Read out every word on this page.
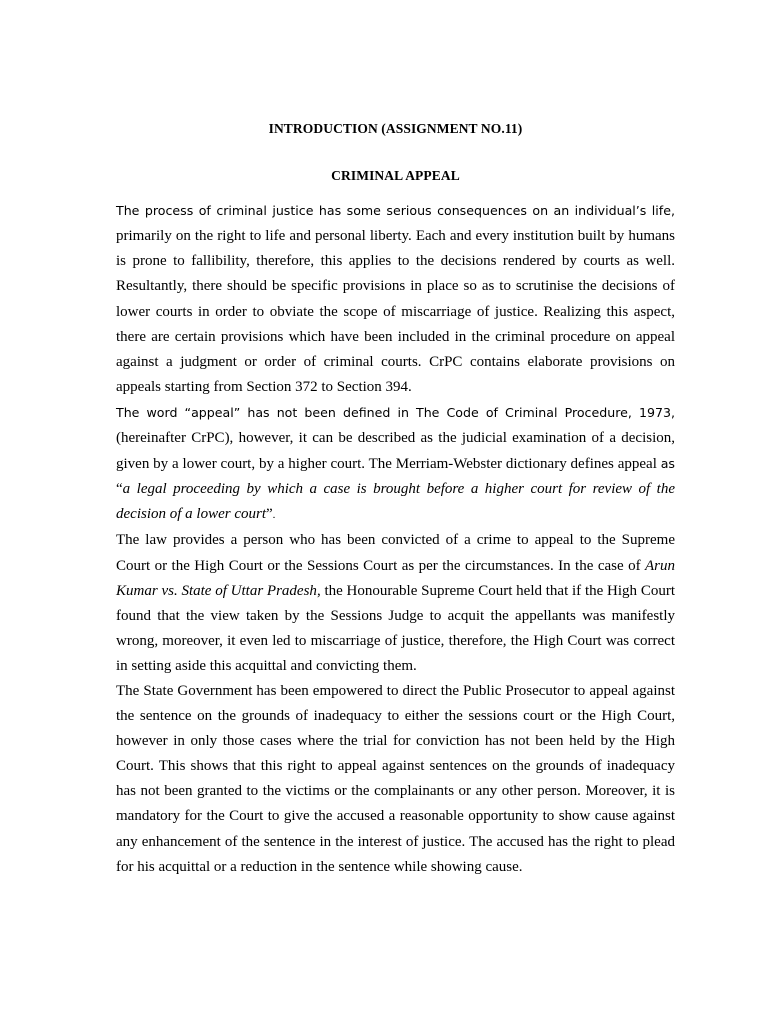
INTRODUCTION (ASSIGNMENT NO.11)
CRIMINAL APPEAL

The process of criminal justice has some serious consequences on an individual’s life, primarily on the right to life and personal liberty. Each and every institution built by humans is prone to fallibility, therefore, this applies to the decisions rendered by courts as well. Resultantly, there should be specific provisions in place so as to scrutinise the decisions of lower courts in order to obviate the scope of miscarriage of justice. Realizing this aspect, there are certain provisions which have been included in the criminal procedure on appeal against a judgment or order of criminal courts. CrPC contains elaborate provisions on appeals starting from Section 372 to Section 394.

The word “appeal” has not been defined in The Code of Criminal Procedure, 1973, (hereinafter CrPC), however, it can be described as the judicial examination of a decision, given by a lower court, by a higher court. The Merriam-Webster dictionary defines appeal as “a legal proceeding by which a case is brought before a higher court for review of the decision of a lower court”.

The law provides a person who has been convicted of a crime to appeal to the Supreme Court or the High Court or the Sessions Court as per the circumstances. In the case of Arun Kumar vs. State of Uttar Pradesh, the Honourable Supreme Court held that if the High Court found that the view taken by the Sessions Judge to acquit the appellants was manifestly wrong, moreover, it even led to miscarriage of justice, therefore, the High Court was correct in setting aside this acquittal and convicting them.

The State Government has been empowered to direct the Public Prosecutor to appeal against the sentence on the grounds of inadequacy to either the sessions court or the High Court, however in only those cases where the trial for conviction has not been held by the High Court. This shows that this right to appeal against sentences on the grounds of inadequacy has not been granted to the victims or the complainants or any other person. Moreover, it is mandatory for the Court to give the accused a reasonable opportunity to show cause against any enhancement of the sentence in the interest of justice. The accused has the right to plead for his acquittal or a reduction in the sentence while showing cause.
